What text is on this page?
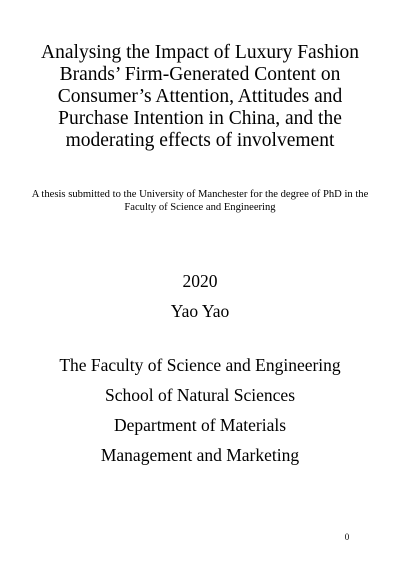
Analysing the Impact of Luxury Fashion
Brands’ Firm-Generated Content on
Consumer’s Attention, Attitudes and
Purchase Intention in China, and the
moderating effects of involvement
A thesis submitted to the University of Manchester for the degree of PhD in the
Faculty of Science and Engineering
2020
Yao Yao
The Faculty of Science and Engineering
School of Natural Sciences
Department of Materials
Management and Marketing
0
